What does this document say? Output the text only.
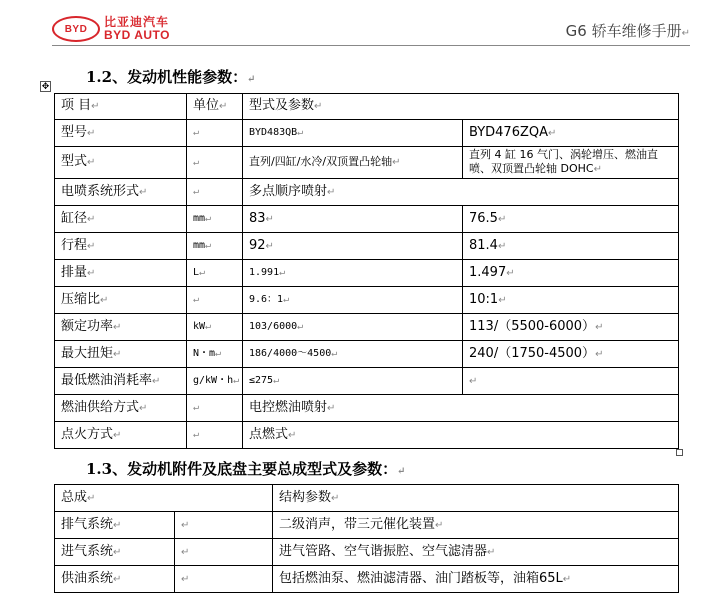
BYD 比亚迪汽车
BYD AUTO	G6 轿车维修手册↵
✥
1.2、发动机性能参数：↵
项 目↵	单位↵	型式及参数↵	
型号↵	↵	BYD483QB↵	BYD476ZQA↵
型式↵	↵	直列/四缸/水冷/双顶置凸轮轴↵	直列 4 缸 16 气门、涡轮增压、燃油直喷、双顶置凸轮轴 DOHC↵
电喷系统形式↵	↵	多点顺序喷射↵	
缸径↵	mm↵	83↵	76.5↵
行程↵	mm↵	92↵	81.4↵
排量↵	L↵	1.991↵	1.497↵
压缩比↵	↵	9.6：1↵	10:1↵
额定功率↵	kW↵	103/6000↵	113/（5500-6000）↵
最大扭矩↵	N・m↵	186/4000～4500↵	240/（1750-4500）↵
最低燃油消耗率↵	g/kW・h↵	≤275↵	↵
燃油供给方式↵	↵	电控燃油喷射↵	
点火方式↵	↵	点燃式↵	
1.3、发动机附件及底盘主要总成型式及参数：↵
总成↵		结构参数↵
排气系统↵	↵	二级消声，带三元催化装置↵
进气系统↵	↵	进气管路、空气谐振腔、空气滤清器↵
供油系统↵	↵	包括燃油泵、燃油滤清器、油门踏板等，油箱65L↵
